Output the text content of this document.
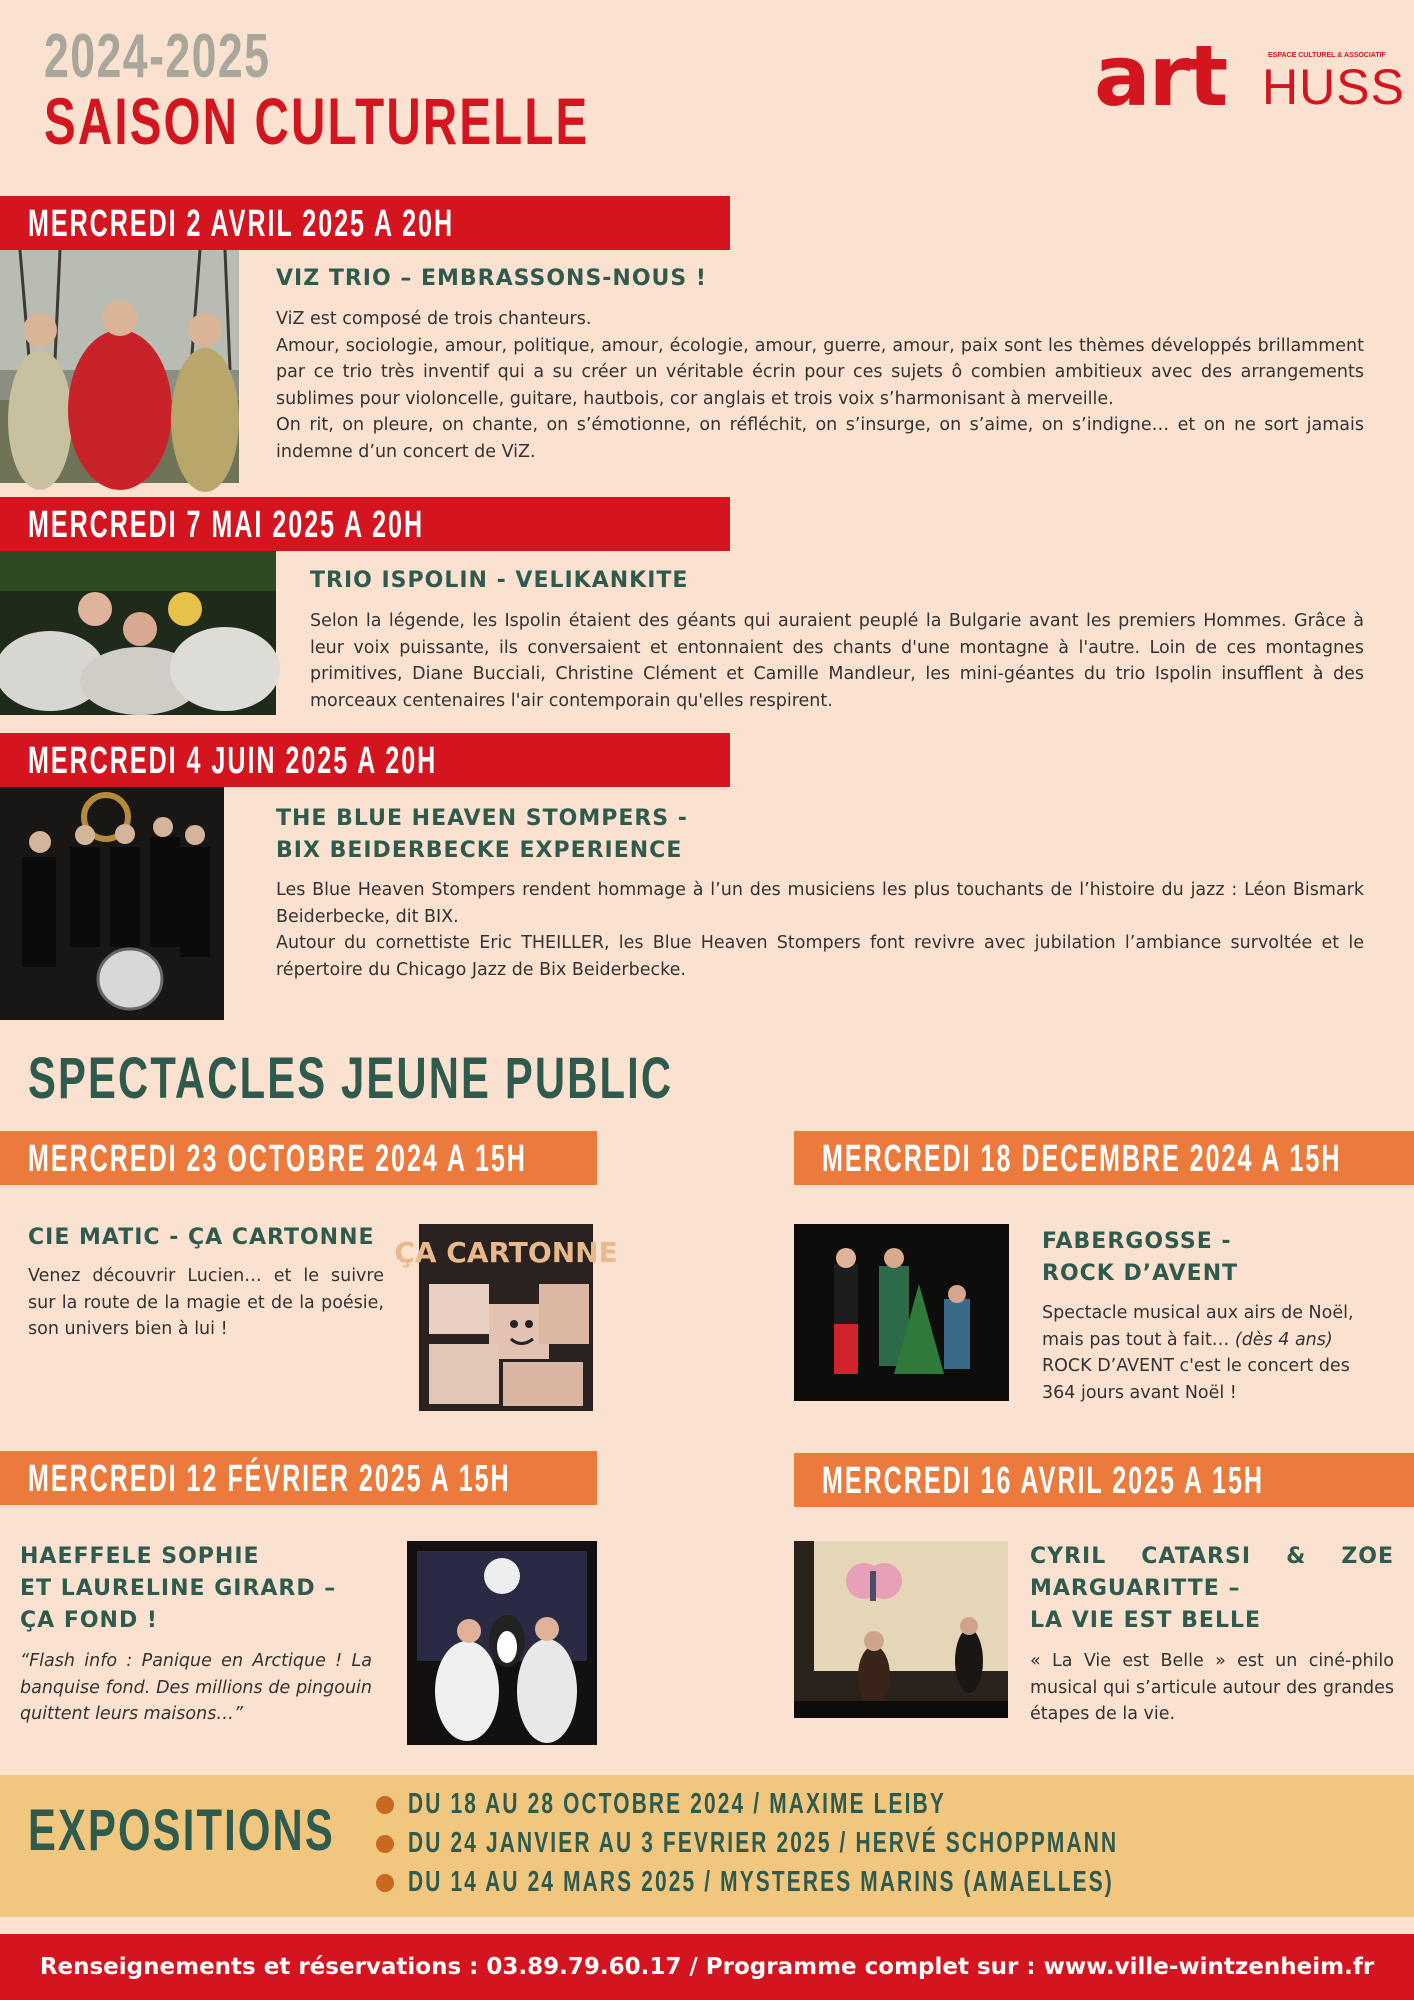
2024-2025
SAISON CULTURELLE	art	ESPACE CULTUREL & ASSOCIATIF
HUSS
MERCREDI 2 AVRIL 2025 A 20H
VIZ TRIO – EMBRASSONS-NOUS !

ViZ est composé de trois chanteurs.

Amour, sociologie, amour, politique, amour, écologie, amour, guerre, amour, paix sont les thèmes développés brillamment par ce trio très inventif qui a su créer un véritable écrin pour ces sujets ô combien ambitieux avec des arrangements sublimes pour violoncelle, guitare, hautbois, cor anglais et trois voix s’harmonisant à merveille.

On rit, on pleure, on chante, on s’émotionne, on réfléchit, on s’insurge, on s’aime, on s’indigne… et on ne sort jamais indemne d’un concert de ViZ.

MERCREDI 7 MAI 2025 A 20H
TRIO ISPOLIN - VELIKANKITE

Selon la légende, les Ispolin étaient des géants qui auraient peuplé la Bulgarie avant les premiers Hommes. Grâce à leur voix puissante, ils conversaient et entonnaient des chants d'une montagne à l'autre. Loin de ces montagnes primitives, Diane Bucciali, Christine Clément et Camille Mandleur, les mini-géantes du trio Ispolin insufflent à des morceaux centenaires l'air contemporain qu'elles respirent.

MERCREDI 4 JUIN 2025 A 20H
THE BLUE HEAVEN STOMPERS -
BIX BEIDERBECKE EXPERIENCE

Les Blue Heaven Stompers rendent hommage à l’un des musiciens les plus touchants de l’histoire du jazz : Léon Bismark Beiderbecke, dit BIX.

Autour du cornettiste Eric THEILLER, les Blue Heaven Stompers font revivre avec jubilation l’ambiance survoltée et le répertoire du Chicago Jazz de Bix Beiderbecke.

SPECTACLES JEUNE PUBLIC
MERCREDI 23 OCTOBRE 2024 A 15H
CIE MATIC - ÇA CARTONNE
Venez découvrir Lucien… et le suivre sur la route de la magie et de la poésie, son univers bien à lui !
ÇA CARTONNE
MERCREDI 18 DECEMBRE 2024 A 15H
FABERGOSSE -
ROCK D’AVENT
Spectacle musical aux airs de Noël, mais pas tout à fait… (dès 4 ans) ROCK D’AVENT c'est le concert des 364 jours avant Noël !
MERCREDI 12 FÉVRIER 2025 A 15H
HAEFFELE SOPHIE
ET LAURELINE GIRARD –
ÇA FOND !
“Flash info : Panique en Arctique ! La banquise fond. Des millions de pingouin quittent leurs maisons…”
MERCREDI 16 AVRIL 2025 A 15H
CYRIL CATARSI & ZOE
MARGUARITTE –
LA VIE EST BELLE
« La Vie est Belle » est un ciné-philo musical qui s’articule autour des grandes étapes de la vie.
EXPOSITIONS	DU 18 AU 28 OCTOBRE 2024 / MAXIME LEIBY
DU 24 JANVIER AU 3 FEVRIER 2025 / HERVÉ SCHOPPMANN
DU 14 AU 24 MARS 2025 / MYSTERES MARINS (AMAELLES)
Renseignements et réservations : 03.89.79.60.17 / Programme complet sur : www.ville-wintzenheim.fr
